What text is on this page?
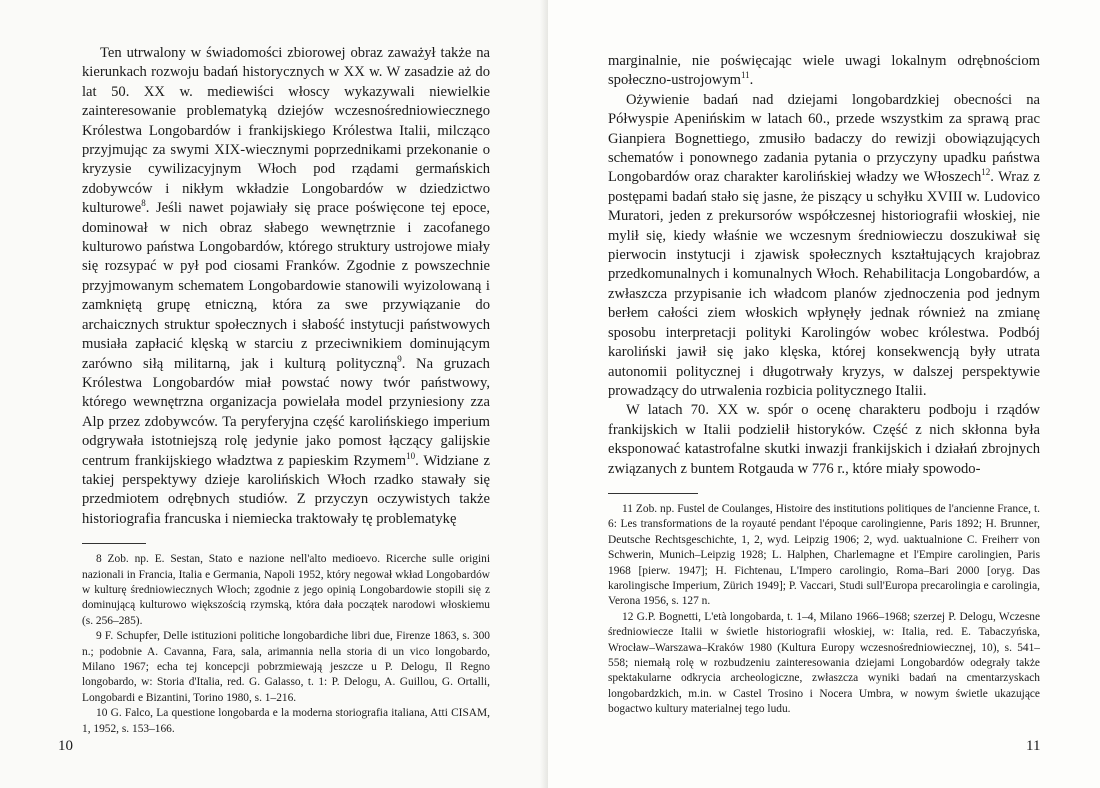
Ten utrwalony w świadomości zbiorowej obraz zaważył także na kierunkach rozwoju badań historycznych w XX w. W zasadzie aż do lat 50. XX w. mediewiści włoscy wykazywali niewielkie zainteresowanie problematyką dziejów wczesnośredniowiecznego Królestwa Longobardów i frankijskiego Królestwa Italii, milcząco przyjmując za swymi XIX-wiecznymi poprzednikami przekonanie o kryzysie cywilizacyjnym Włoch pod rządami germańskich zdobywców i nikłym wkładzie Longobardów w dziedzictwo kulturowe$^8$. Jeśli nawet pojawiały się prace poświęcone tej epoce, dominował w nich obraz słabego wewnętrznie i zacofanego kulturowo państwa Longobardów, którego struktury ustrojowe miały się rozsypać w pył pod ciosami Franków. Zgodnie z powszechnie przyjmowanym schematem Longobardowie stanowili wyizolowaną i zamkniętą grupę etniczną, która za swe przywiązanie do archaicznych struktur społecznych i słabość instytucji państwowych musiała zapłacić klęską w starciu z przeciwnikiem dominującym zarówno siłą militarną, jak i kulturą polityczną$^9$. Na gruzach Królestwa Longobardów miał powstać nowy twór państwowy, którego wewnętrzna organizacja powielała model przyniesiony zza Alp przez zdobywców. Ta peryferyjna część karolińskiego imperium odgrywała istotniejszą rolę jedynie jako pomost łączący galijskie centrum frankijskiego władztwa z papieskim Rzymem$^{10}$. Widziane z takiej perspektywy dzieje karolińskich Włoch rzadko stawały się przedmiotem odrębnych studiów. Z przyczyn oczywistych także historiografia francuska i niemiecka traktowały tę problematykę

8 Zob. np. E. Sestan, Stato e nazione nell'alto medioevo. Ricerche sulle origini nazionali in Francia, Italia e Germania, Napoli 1952, który negował wkład Longobardów w kulturę średniowiecznych Włoch; zgodnie z jego opinią Longobardowie stopili się z dominującą kulturowo większością rzymską, która dała początek narodowi włoskiemu (s. 256–285).

9 F. Schupfer, Delle istituzioni politiche longobardiche libri due, Firenze 1863, s. 300 n.; podobnie A. Cavanna, Fara, sala, arimannia nella storia di un vico longobardo, Milano 1967; echa tej koncepcji pobrzmiewają jeszcze u P. Delogu, Il Regno longobardo, w: Storia d'Italia, red. G. Galasso, t. 1: P. Delogu, A. Guillou, G. Ortalli, Longobardi e Bizantini, Torino 1980, s. 1–216.

10 G. Falco, La questione longobarda e la moderna storiografia italiana, Atti CISAM, 1, 1952, s. 153–166.

10

marginalnie, nie poświęcając wiele uwagi lokalnym odrębnościom społeczno-ustrojowym$^{11}$.

Ożywienie badań nad dziejami longobardzkiej obecności na Półwyspie Apenińskim w latach 60., przede wszystkim za sprawą prac Gianpiera Bognettiego, zmusiło badaczy do rewizji obowiązujących schematów i ponownego zadania pytania o przyczyny upadku państwa Longobardów oraz charakter karolińskiej władzy we Włoszech$^{12}$. Wraz z postępami badań stało się jasne, że piszący u schyłku XVIII w. Ludovico Muratori, jeden z prekursorów współczesnej historiografii włoskiej, nie mylił się, kiedy właśnie we wczesnym średniowieczu doszukiwał się pierwocin instytucji i zjawisk społecznych kształtujących krajobraz przedkomunalnych i komunalnych Włoch. Rehabilitacja Longobardów, a zwłaszcza przypisanie ich władcom planów zjednoczenia pod jednym berłem całości ziem włoskich wpłynęły jednak również na zmianę sposobu interpretacji polityki Karolingów wobec królestwa. Podbój karoliński jawił się jako klęska, której konsekwencją były utrata autonomii politycznej i długotrwały kryzys, w dalszej perspektywie prowadzący do utrwalenia rozbicia politycznego Italii.

W latach 70. XX w. spór o ocenę charakteru podboju i rządów frankijskich w Italii podzielił historyków. Część z nich skłonna była eksponować katastrofalne skutki inwazji frankijskich i działań zbrojnych związanych z buntem Rotgauda w 776 r., które miały spowodo-

11 Zob. np. Fustel de Coulanges, Histoire des institutions politiques de l'ancienne France, t. 6: Les transformations de la royauté pendant l'époque carolingienne, Paris 1892; H. Brunner, Deutsche Rechtsgeschichte, 1, 2, wyd. Leipzig 1906; 2, wyd. uaktualnione C. Freiherr von Schwerin, Munich–Leipzig 1928; L. Halphen, Charlemagne et l'Empire carolingien, Paris 1968 [pierw. 1947]; H. Fichtenau, L'Impero carolingio, Roma–Bari 2000 [oryg. Das karolingische Imperium, Zürich 1949]; P. Vaccari, Studi sull'Europa precarolingia e carolingia, Verona 1956, s. 127 n.

12 G.P. Bognetti, L'età longobarda, t. 1–4, Milano 1966–1968; szerzej P. Delogu, Wczesne średniowiecze Italii w świetle historiografii włoskiej, w: Italia, red. E. Tabaczyńska, Wrocław–Warszawa–Kraków 1980 (Kultura Europy wczesnośredniowiecznej, 10), s. 541–558; niemałą rolę w rozbudzeniu zainteresowania dziejami Longobardów odegrały także spektakularne odkrycia archeologiczne, zwłaszcza wyniki badań na cmentarzyskach longobardzkich, m.in. w Castel Trosino i Nocera Umbra, w nowym świetle ukazujące bogactwo kultury materialnej tego ludu.

11
